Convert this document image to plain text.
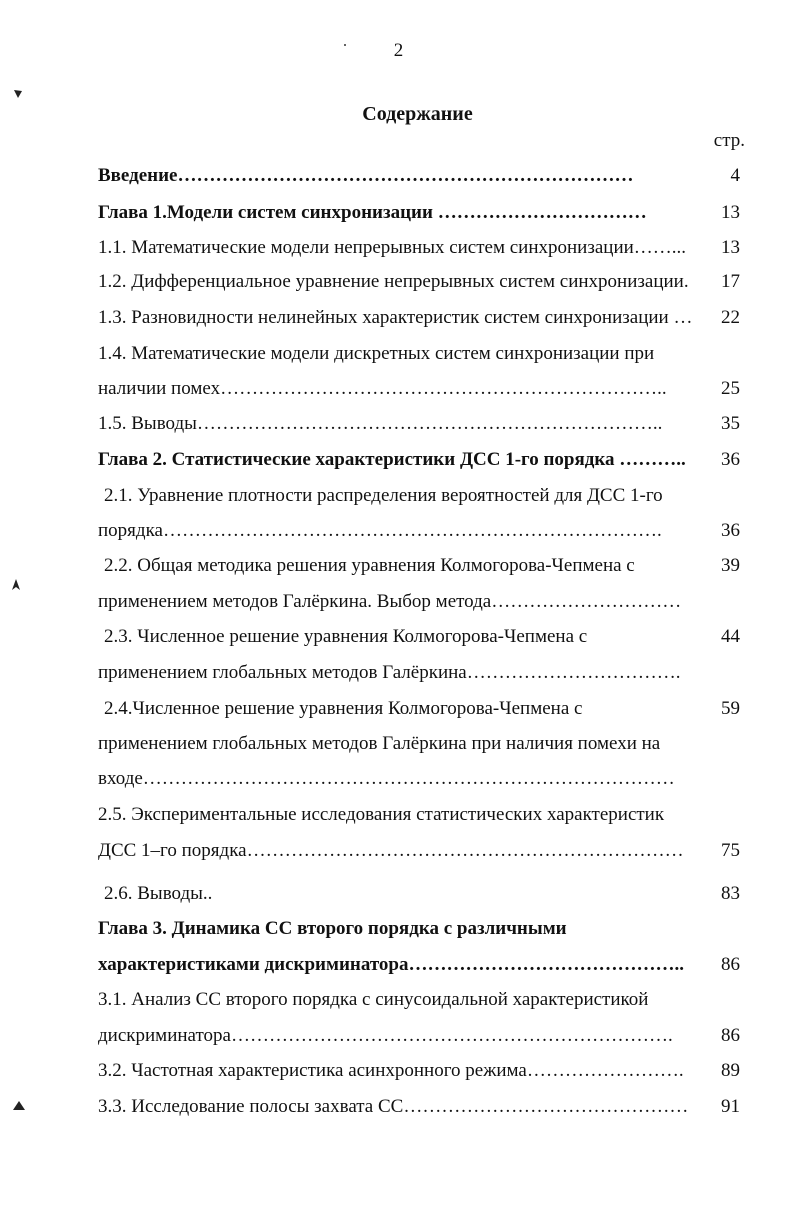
2
Содержание
стр.
Введение………………………………………………………………	4
Глава 1.Модели систем синхронизации ……………………………	13
1.1. Математические модели непрерывных систем синхронизации……...	13
1.2. Дифференциальное уравнение непрерывных систем синхронизации.	17
1.3. Разновидности нелинейных характеристик систем синхронизации …	22
1.4. Математические модели дискретных систем синхронизации при
наличии помех……………………………………………………………..	25
1.5. Выводы………………………………………………………………..	35
Глава 2. Статистические характеристики ДСС 1-го порядка ………..	36
2.1. Уравнение плотности распределения вероятностей для ДСС 1-го
порядка…………………………………………………………………….	36
2.2. Общая методика решения уравнения Колмогорова-Чепмена с	39
применением методов Галёркина. Выбор метода…………………………
2.3. Численное решение уравнения Колмогорова-Чепмена с	44
применением глобальных методов Галёркина…………………………….
2.4.Численное решение уравнения Колмогорова-Чепмена с	59
применением глобальных методов Галёркина при наличия помехи на
входе…………………………………………………………………………
2.5. Экспериментальные исследования статистических характеристик
ДСС 1–го порядка……………………………………………………………	75
2.6. Выводы..	83
Глава 3. Динамика СС второго порядка с различными
характеристиками дискриминатора……………………………………..	86
3.1. Анализ СС второго порядка с синусоидальной характеристикой
дискриминатора…………………………………………………………….	86
3.2. Частотная характеристика асинхронного режима…………………….	89
3.3. Исследование полосы захвата СС………………………………………	91
